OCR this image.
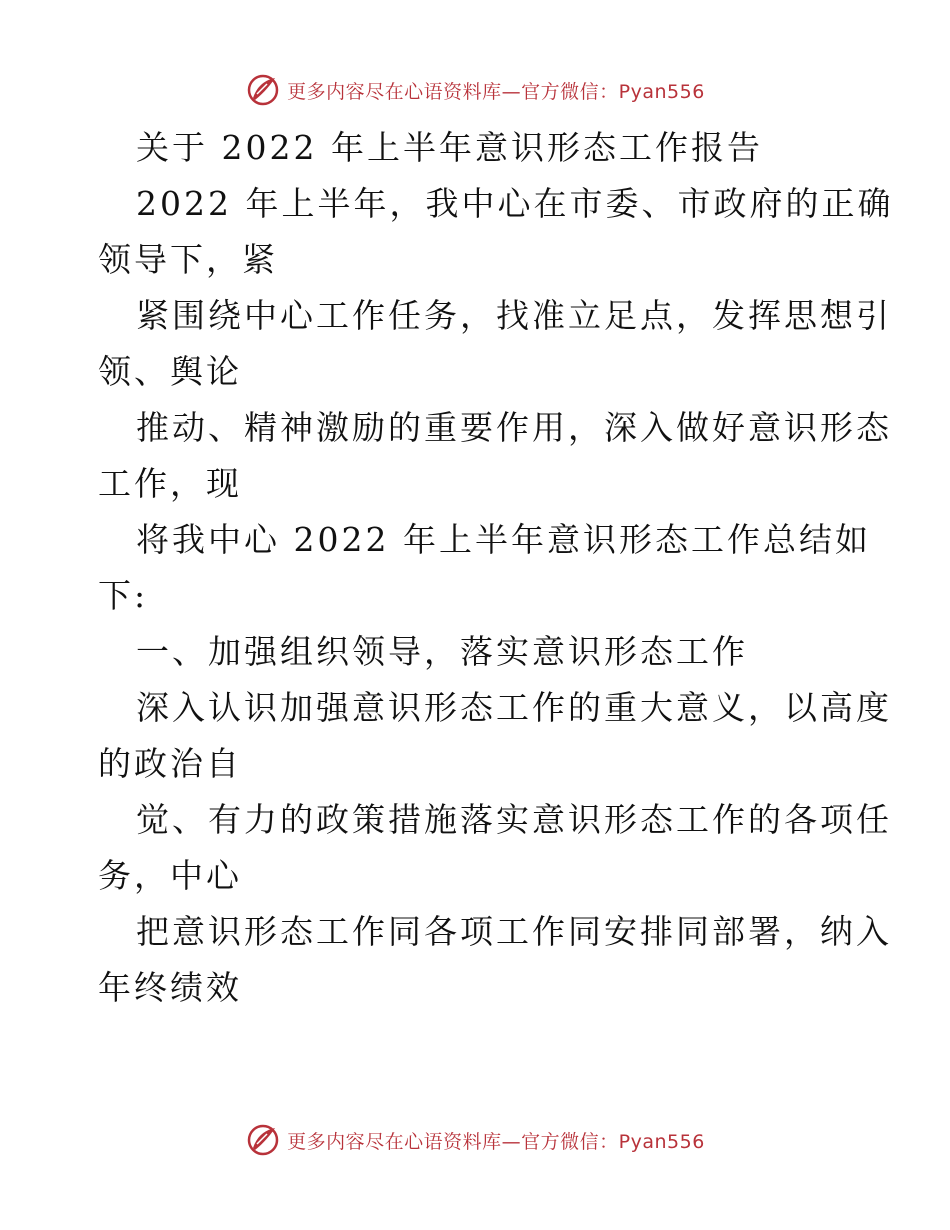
更多内容尽在心语资料库—官方微信：Pyan556
关于 2022 年上半年意识形态工作报告
2022 年上半年，我中心在市委、市政府的正确
领导下，紧
紧围绕中心工作任务，找准立足点，发挥思想引
领、舆论
推动、精神激励的重要作用，深入做好意识形态
工作，现
将我中心 2022 年上半年意识形态工作总结如
下:
一、加强组织领导，落实意识形态工作
深入认识加强意识形态工作的重大意义，以高度
的政治自
觉、有力的政策措施落实意识形态工作的各项任
务，中心
把意识形态工作同各项工作同安排同部署，纳入
年终绩效
更多内容尽在心语资料库—官方微信：Pyan556
